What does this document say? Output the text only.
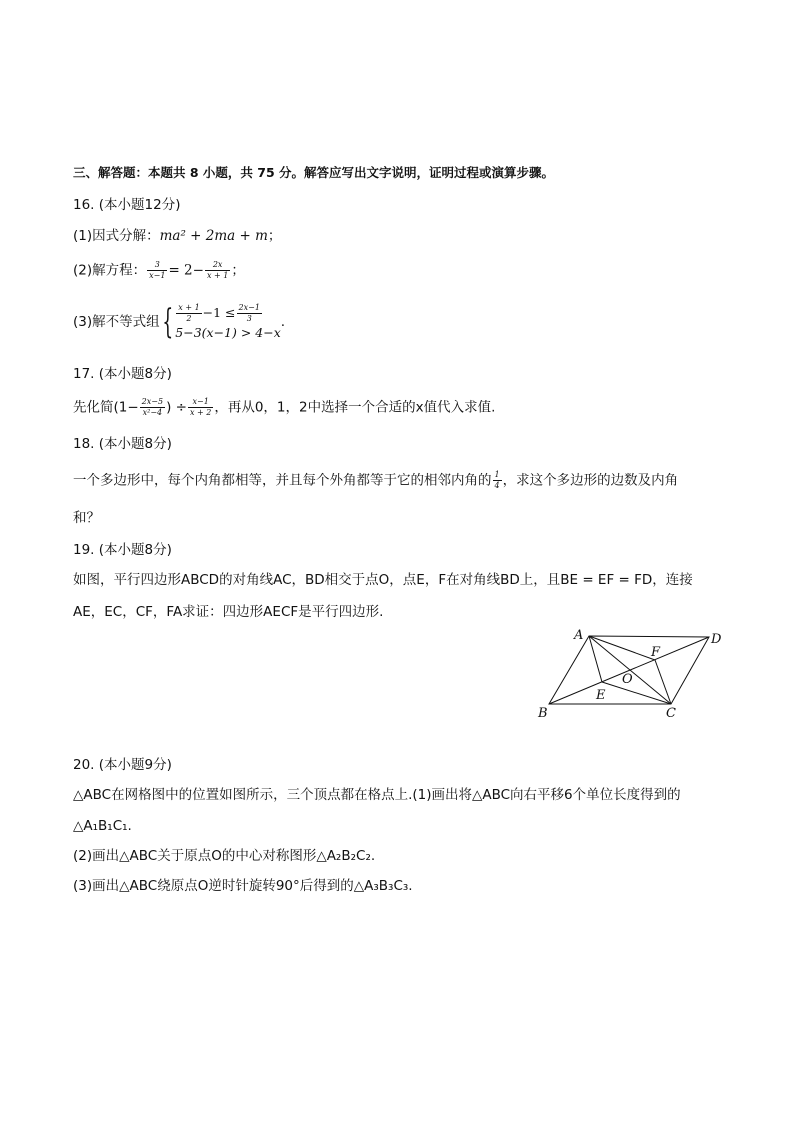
三、解答题：本题共 8 小题，共 75 分。解答应写出文字说明，证明过程或演算步骤。
16. (本小题12分)
(1)因式分解：ma² + 2ma + m；
(2)解方程： $\frac{3}{x-1} = 2- \frac{2x}{x + 1}$ ；
(3)解不等式组{ $\frac{x + 1}{2} -1 \le \frac{2x-1}{3}$
5−3(x−1) > 4−x
.
17. (本小题8分)
先化简($1- \frac{2x-5}{\text{x²−4}}$ ) ÷ $\frac{x-1}{x + 2}$ ，再从0，1，2中选择一个合适的x值代入求值.
18. (本小题8分)
一个多边形中，每个内角都相等，并且每个外角都等于它的相邻内角的 $\frac{1}{4}$ ，求这个多边形的边数及内角
和？
19. (本小题8分)
如图，平行四边形ABCD的对角线AC，BD相交于点O，点E，F在对角线BD上，且BE = EF = FD，连接
AE，EC，CF，FA求证：四边形AECF是平行四边形.
A	D
F
O
E
B	C
20. (本小题9分)
△ABC在网格图中的位置如图所示，三个顶点都在格点上.(1)画出将△ABC向右平移6个单位长度得到的
△A₁B₁C₁.
(2)画出△ABC关于原点O的中心对称图形△A₂B₂C₂.
(3)画出△ABC绕原点O逆时针旋转90°后得到的△A₃B₃C₃.
